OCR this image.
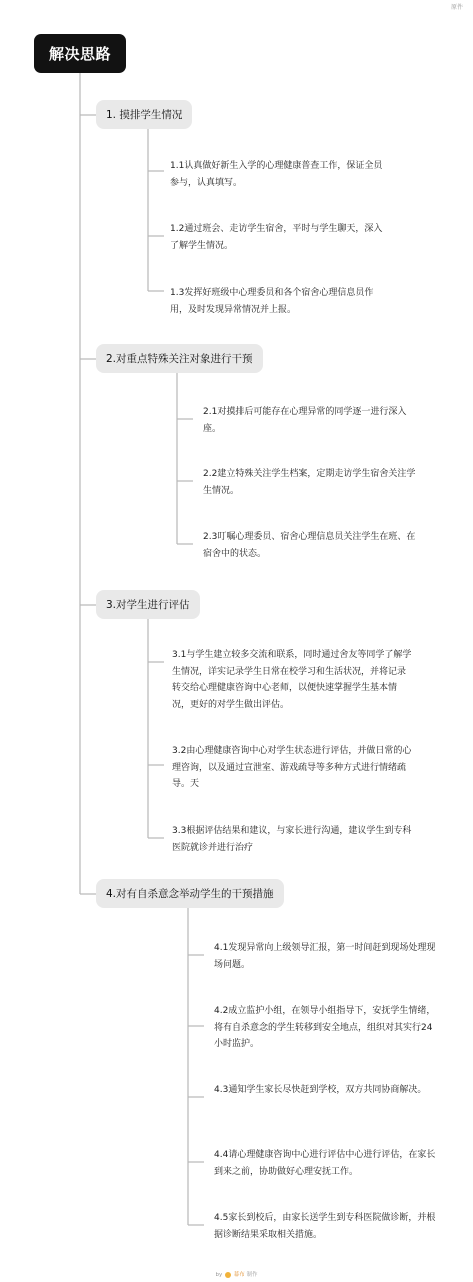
原件
解决思路
1. 摸排学生情况
1.1认真做好新生入学的心理健康普查工作，保证全员参与，认真填写。
1.2通过班会、走访学生宿舍，平时与学生聊天，深入了解学生情况。
1.3发挥好班级中心理委员和各个宿舍心理信息员作用，及时发现异常情况并上报。
2.对重点特殊关注对象进行干预
2.1对摸排后可能存在心理异常的同学逐一进行深入座。
2.2建立特殊关注学生档案，定期走访学生宿舍关注学生情况。
2.3叮嘱心理委员、宿舍心理信息员关注学生在班、在宿舍中的状态。
3.对学生进行评估
3.1与学生建立较多交流和联系，同时通过舍友等同学了解学生情况，详实记录学生日常在校学习和生活状况，并将记录转交给心理健康咨询中心老师，以便快速掌握学生基本情况，更好的对学生做出评估。
3.2由心理健康咨询中心对学生状态进行评估，并做日常的心理咨询，以及通过宣泄室、游戏疏导等多种方式进行情绪疏导。天
3.3根据评估结果和建议，与家长进行沟通，建议学生到专科医院就诊并进行治疗
4.对有自杀意念举动学生的干预措施
4.1发现异常向上级领导汇报，第一时间赶到现场处理现场问题。
4.2成立监护小组，在领导小组指导下，安抚学生情绪，将有自杀意念的学生转移到安全地点，组织对其实行24小时监护。
4.3通知学生家长尽快赶到学校，双方共同协商解决。
4.4请心理健康咨询中心进行评估中心进行评估，在家长到来之前，协助做好心理安抚工作。
4.5家长到校后，由家长送学生到专科医院做诊断，并根据诊断结果采取相关措施。
by 幕布 制作
